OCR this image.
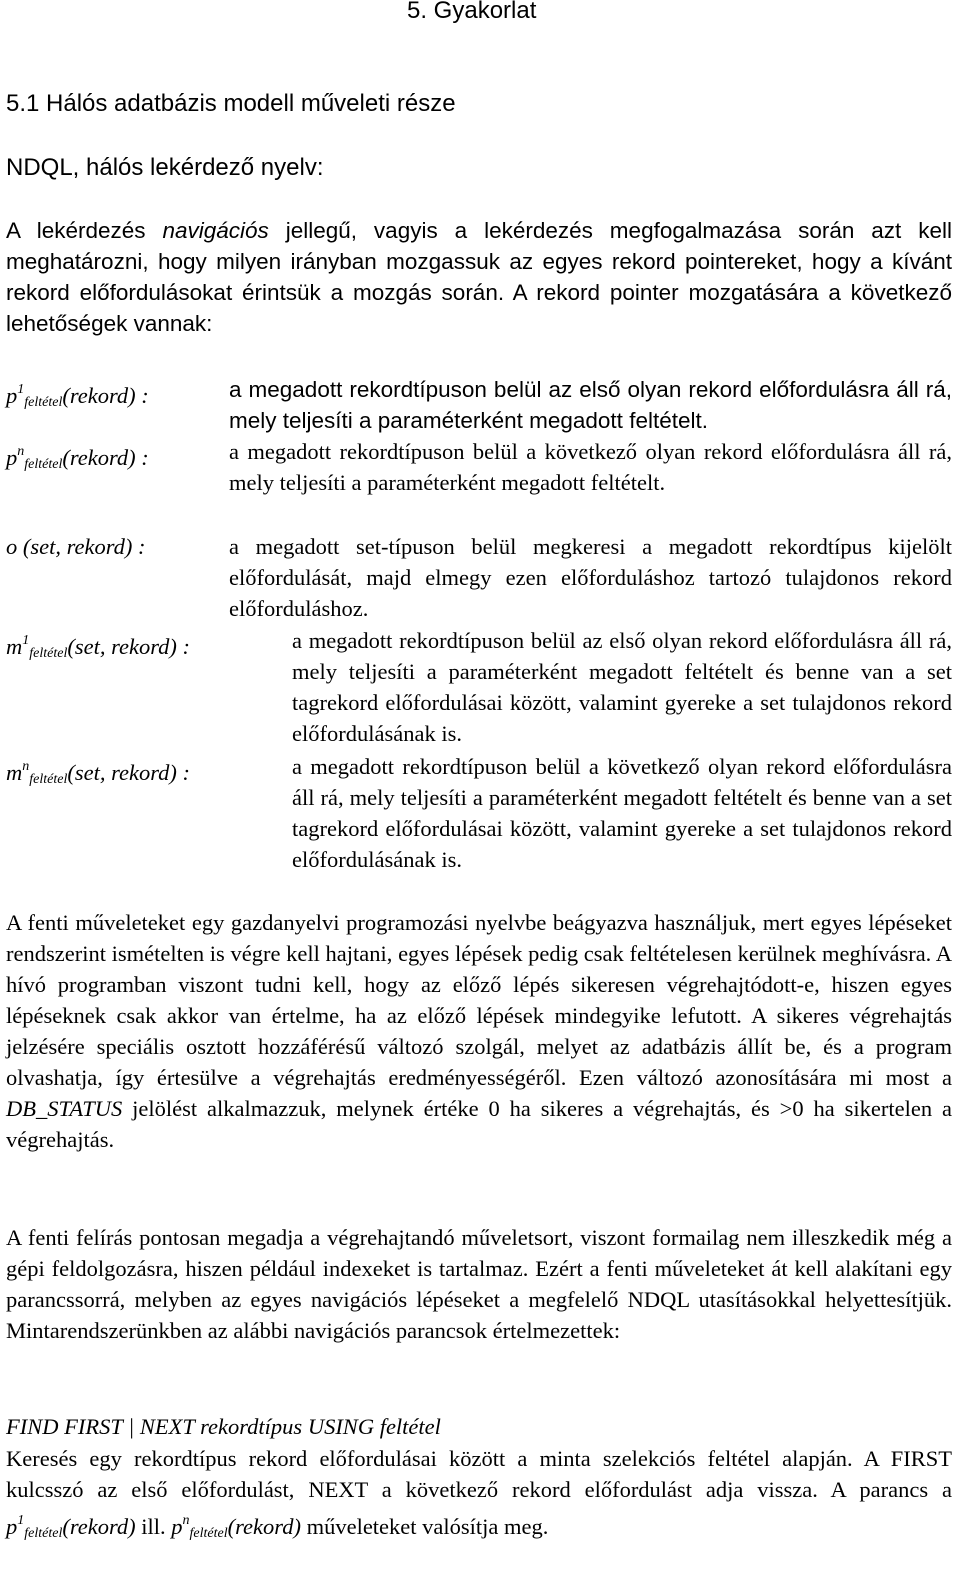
5. Gyakorlat
5.1 Hálós adatbázis modell műveleti része
NDQL, hálós lekérdező nyelv:
A lekérdezés navigációs jellegű, vagyis a lekérdezés megfogalmazása során azt kell meghatározni, hogy milyen irányban mozgassuk az egyes rekord pointereket, hogy a kívánt rekord előfordulásokat érintsük a mozgás során. A rekord pointer mozgatására a következő lehetőségek vannak:
$p^1_{feltétel}(rekord)$ :	a megadott rekordtípuson belül az első olyan rekord előfordulásra áll rá, mely teljesíti a paraméterként megadott feltételt.
$p^n_{feltétel}(rekord)$ :	a megadott rekordtípuson belül a következő olyan rekord előfordulásra áll rá, mely teljesíti a paraméterként megadott feltételt.
o (set, rekord) :	a megadott set-típuson belül megkeresi a megadott rekordtípus kijelölt előfordulását, majd elmegy ezen előforduláshoz tartozó tulajdonos rekord előforduláshoz.
$m^1_{feltétel}(set$, rekord) :	a megadott rekordtípuson belül az első olyan rekord előfordulásra áll rá, mely teljesíti a paraméterként megadott feltételt és benne van a set tagrekord előfordulásai között, valamint gyereke a set tulajdonos rekord előfordulásának is.
$m^n_{feltétel}(set$, rekord) :	a megadott rekordtípuson belül a következő olyan rekord előfordulásra áll rá, mely teljesíti a paraméterként megadott feltételt és benne van a set tagrekord előfordulásai között, valamint gyereke a set tulajdonos rekord előfordulásának is.
A fenti műveleteket egy gazdanyelvi programozási nyelvbe beágyazva használjuk, mert egyes lépéseket rendszerint ismételten is végre kell hajtani, egyes lépések pedig csak feltételesen kerülnek meghívásra. A hívó programban viszont tudni kell, hogy az előző lépés sikeresen végrehajtódott-e, hiszen egyes lépéseknek csak akkor van értelme, ha az előző lépések mindegyike lefutott. A sikeres végrehajtás jelzésére speciális osztott hozzáférésű változó szolgál, melyet az adatbázis állít be, és a program olvashatja, így értesülve a végrehajtás eredményességéről. Ezen változó azonosítására mi most a DB_STATUS jelölést alkalmazzuk, melynek értéke 0 ha sikeres a végrehajtás, és >0 ha sikertelen a végrehajtás.
A fenti felírás pontosan megadja a végrehajtandó műveletsort, viszont formailag nem illeszkedik még a gépi feldolgozásra, hiszen például indexeket is tartalmaz. Ezért a fenti műveleteket át kell alakítani egy parancssorrá, melyben az egyes navigációs lépéseket a megfelelő NDQL utasításokkal helyettesítjük. Mintarendszerünkben az alábbi navigációs parancsok értelmezettek:
FIND FIRST | NEXT rekordtípus USING feltétel
Keresés egy rekordtípus rekord előfordulásai között a minta szelekciós feltétel alapján. A FIRST kulcsszó az első előfordulást, NEXT a következő rekord előfordulást adja vissza. A parancs a $p^1_{feltétel}(rekord)$ ill. $p^n_{feltétel}(rekord)$ műveleteket valósítja meg.
